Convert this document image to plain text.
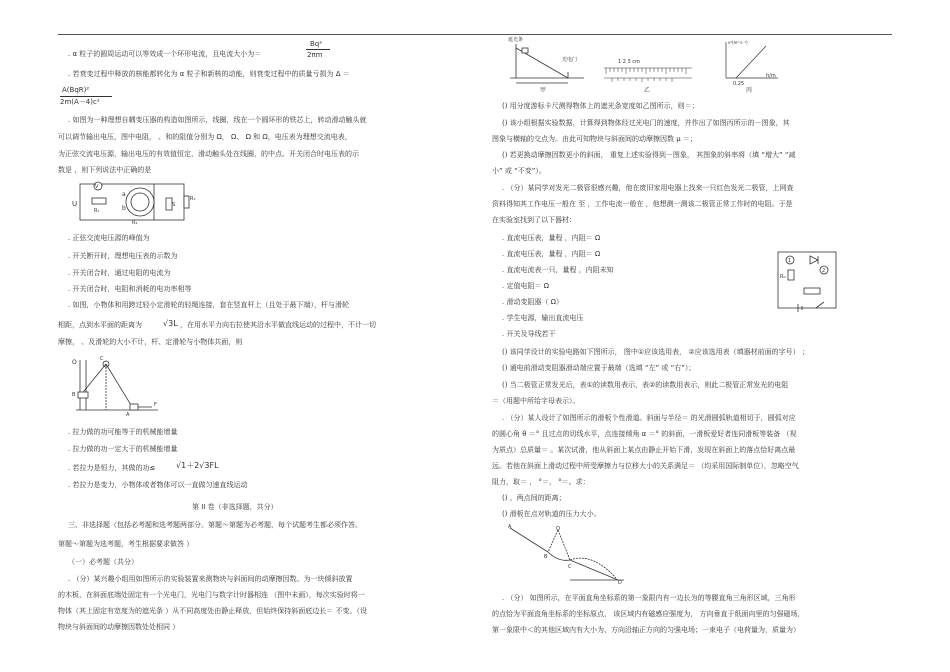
. α 粒子的圆周运动可以等效成一个环形电流，且电流大小为＝
Bq²
2πm
. 若衰变过程中释放的核能都转化为 α 粒子和新核的动能，则衰变过程中的质量亏损为 Δ ＝
A(BqR)²
2m(A－4)c²
. 如图为一种理想自耦变压器的构造如图所示，线圈，线在一个圆环形的铁芯上，转动滑动触头就
可以调节输出电压，图中电阻， 、和的阻值分别为 Ω， Ω、 Ω 和 Ω，电压表为理想交流电表，
为正弦交流电压源，输出电压的有效值恒定，滑动触头处在线圈，的中点。开关闭合时电压表的示
数是 ，则下列说法中正确的是
U
V
R₁
a
b
R₂
S
R₃
. 正弦交流电压源的峰值为
. 开关断开时，理想电压表的示数为
. 开关闭合时，通过电阻的电流为
. 开关闭合时，电阻和消耗的电功率相等
. 如图，小物体和用跨过轻小定滑轮的轻绳连接，套在竖直杆上（且处于最下端），杆与滑轮
相距，点到水平面的距离为	√3L ，在用水平力向右拉使其沿水平做直线运动的过程中，不计一切
摩擦， 、及滑轮的大小不计，杆、定滑轮与小物体共面，则
O	C
B
A
F
. 拉力做的功可能等于的机械能增量
. 拉力做的功一定大于的机械能增量
. 若拉力是恒力，其做的功≤	√1＋2√3FL
. 若拉力是变力，小物体或者物体可以一直做匀速直线运动
第 II 卷（非选择题，共分）
三、非选择题（包括必考题和选考题两部分。第题～第题为必考题，每个试题考生都必须作答。
第题～第题为选考题，考生根据要求做答 ）
（一）必考题（共分）
. （分）某兴趣小组用如图所示的实验装置来测物块与斜面间的动摩擦因数。为一块倾斜放置
的木板，在斜面底端处固定有一个光电门，光电门与数字计时器相连 （图中未画），每次实验时将一
物体（其上固定有宽度为的遮光条 ）从不同高度处由静止释放，但始终保持斜面底边长＝ 不变。（设
物块与斜面间的动摩擦因数处处相同 ）
遮光条
光电门
甲
1 2 3 cm
乙
v²(m²·s⁻²)
h/m
0.25
丙
() 用分度游标卡尺测得物体上的遮光条宽度如乙图所示，则＝；
() 该小组根据实验数据，计算得到物体经过光电门的速度，并作出了如图丙所示的－图象，其
图象与横轴的交点为。由此可知物块与斜面间的动摩擦因数 μ ＝；
() 若更换动摩擦因数更小的斜面， 重复上述实验得到－图象， 其图象的斜率将（填 “增大” “减
小” 或 “不变”）。
. （分）某同学对发光二极管很感兴趣，他在废旧家用电器上找来一只红色发光二极管，上网查
资料得知其工作电压一般在 至 ，工作电流一般在 ，他想测一测该二极管正常工作时的电阻。于是
在实验室找到了以下器材：
. 直流电压表，量程 ，内阻＝ Ω
. 直流电压表，量程 ，内阻＝ Ω
. 直流电流表一只，量程 ，内阻未知
. 定值电阻＝ Ω
. 滑动变阻器（ Ω）
. 学生电源，输出直流电压
. 开关及导线若干
1
2
R₀
() 该同学设计的实验电路如下图所示， 图中①应该选用表， ②应该选用表（填器材前面的字号） ；
() 通电前滑动变阻器滑动端应置于最端（选填 “左” 或 “右”）；
() 当二极管正常发光后，表①的读数用表示，表②的读数用表示，则此二极管正常发光的电阻
＝（用题中所给字母表示）。
. （分）某人设计了如图所示的滑板个性滑道。斜面与半径＝ 的光滑圆弧轨道相切于，圆弧对应
的圆心角 θ ＝° 且过点的切线水平，点连接倾角 α ＝° 的斜面，一滑板爱好者连同滑板等装备 （视
为质点）总质量＝ 。某次试滑，他从斜面上某点由静止开始下滑，发现在斜面上的落点恰好离点最
远。若他在斜面上滑动过程中所受摩擦力与位移大小的关系满足＝ （均采用国际制单位），忽略空气
阻力，取＝ ， °＝， °＝。求：
() 、两点间的距离；
() 滑板在点对轨道的压力大小。
B
C
O
D
A
. （分） 如图所示，在平面直角坐标系的第一象限内有一边长为的等腰直角三角形区域，三角形
的点恰为平面直角坐标系的坐标原点， 该区域内有磁感应强度为， 方向垂直于纸面向里的匀强磁场，
第一象限中＜的其他区域内有大小为、方向沿轴正方向的匀强电场；一束电子（电荷量为，质量为）
